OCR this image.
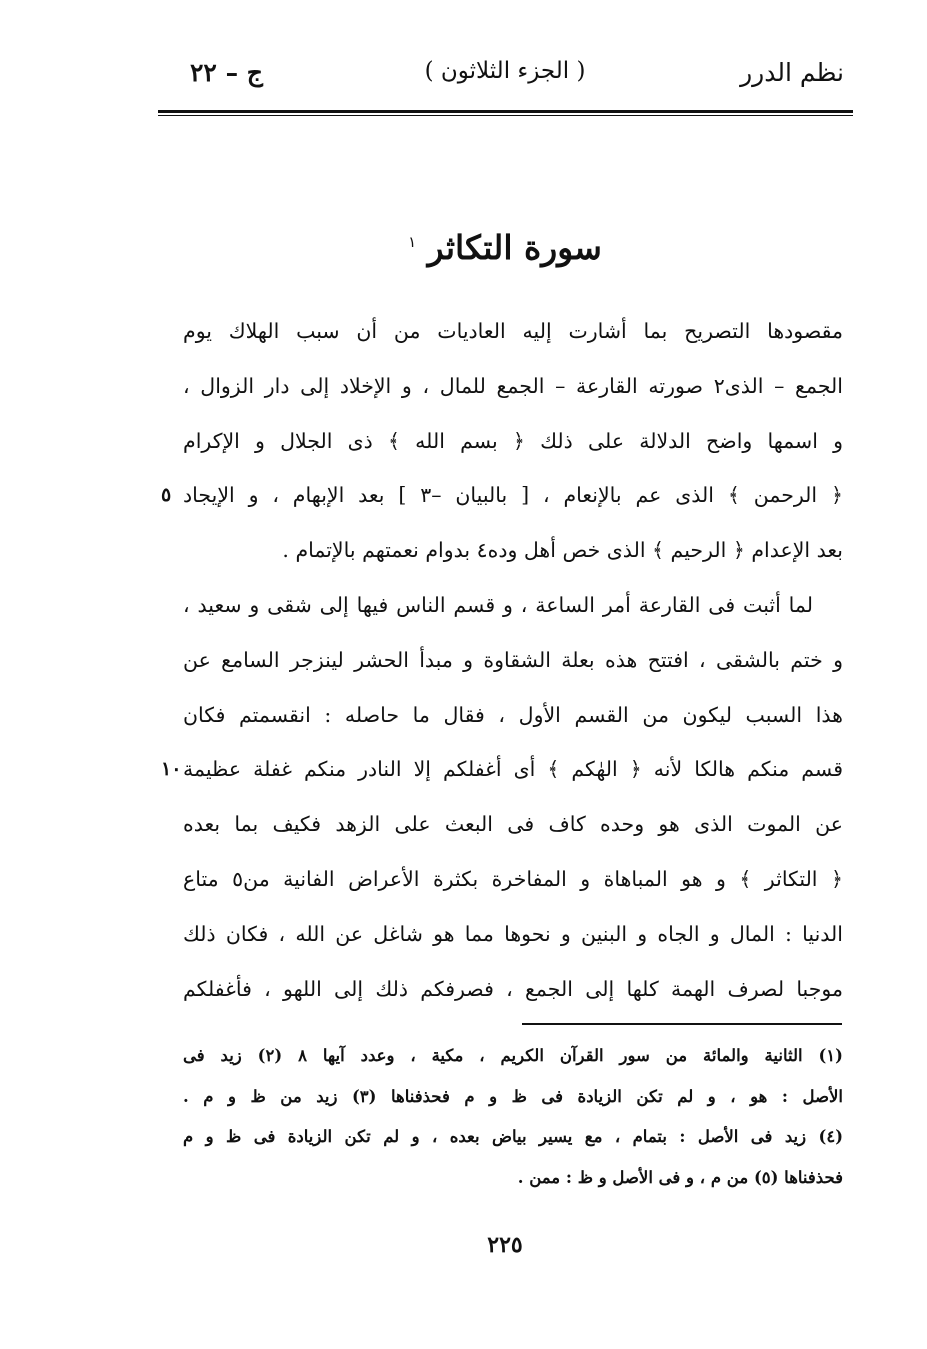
نظم الدرر
( الجزء الثلاثون )
ج – ٢٢
سورة التكاثر $^١$
مقصودها التصريح بما أشارت إليه العاديات من أن سبب الهلاك يوم
الجمع – الذى٢ صورته القارعة – الجمع للمال ، و الإخلاد إلى دار الزوال ،
و اسمها واضح الدلالة على ذلك ﴿ بسم الله ﴾ ذى الجلال و الإكرام
﴿ الرحمن ﴾ الذى عم بالإنعام ، [ بالبيان –٣ ] بعد الإبهام ، و الإيجاد
٥
بعد الإعدام ﴿ الرحيم ﴾ الذى خص أهل وده٤ بدوام نعمتهم بالإتمام .
لما أثبت فى القارعة أمر الساعة ، و قسم الناس فيها إلى شقى و سعيد ،
و ختم بالشقى ، افتتح هذه بعلة الشقاوة و مبدأ الحشر لينزجر السامع عن
هذا السبب ليكون من القسم الأول ، فقال ما حاصله : انقسمتم فكان
قسم منكم هالكا لأنه ﴿ الهٰكم ﴾ أى أغفلكم إلا النادر منكم غفلة عظيمة
١٠
عن الموت الذى هو وحده كاف فى البعث على الزهد فكيف بما بعده
﴿ التكاثر ﴾ و هو المباهاة و المفاخرة بكثرة الأعراض الفانية من٥ متاع
الدنيا : المال و الجاه و البنين و نحوها مما هو شاغل عن الله ، فكان ذلك
موجبا لصرف الهمة كلها إلى الجمع ، فصرفكم ذلك إلى اللهو ، فأغفلكم
(١) الثانية والمائة من سور القرآن الكريم ، مكية ، وعدد آيها ٨ (٢) زيد فى
الأصل : هو ، و لم تكن الزيادة فى ظ و م فحذفناها (٣) زيد من ظ و م .
(٤) زيد فى الأصل : بتمام ، مع يسير بياض بعده ، و لم تكن الزيادة فى ظ و م
فحذفناها (٥) من م ، و فى الأصل و ظ : ممن .
٢٢٥
